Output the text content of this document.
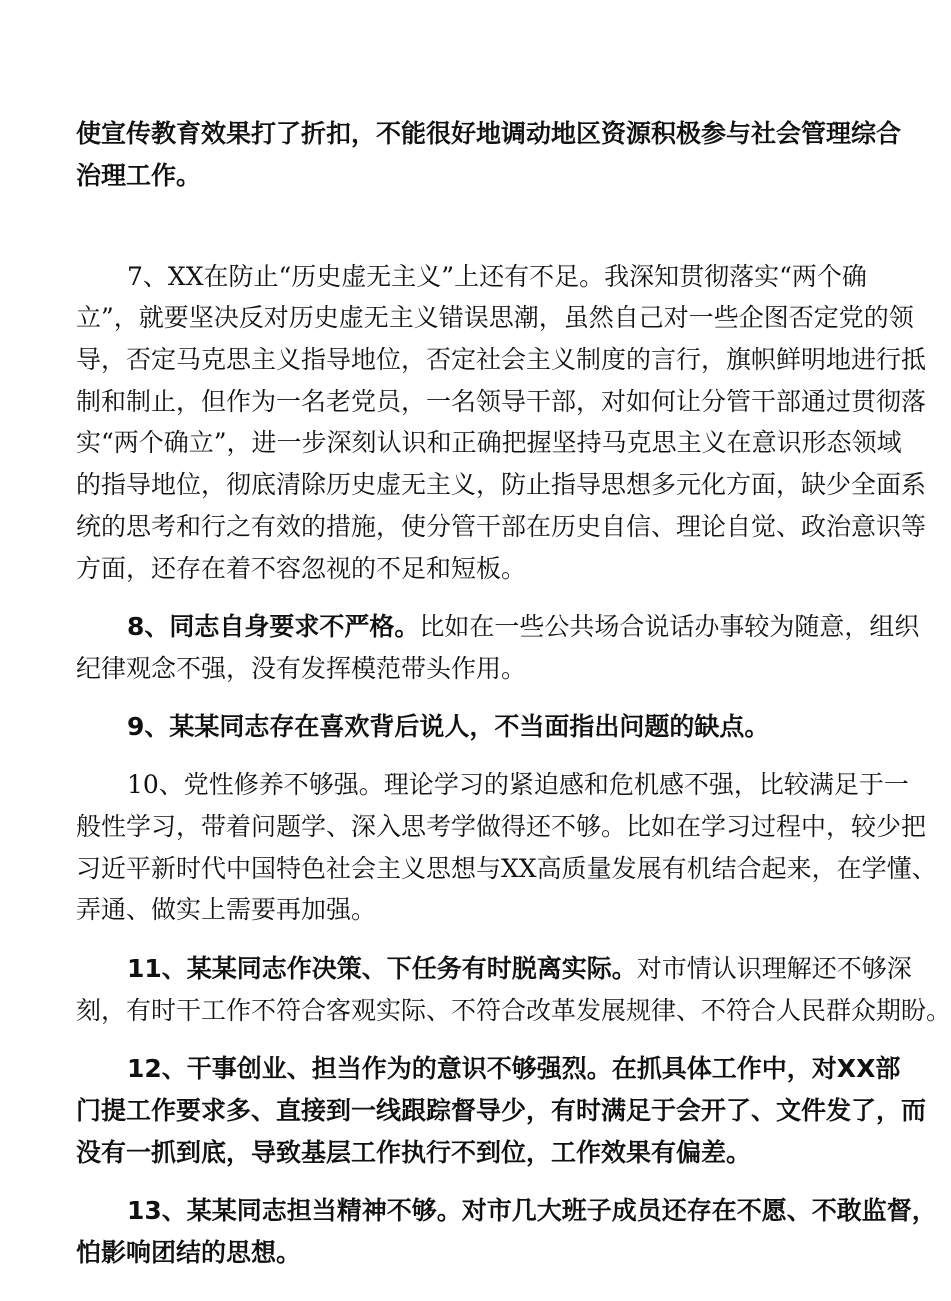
使宣传教育效果打了折扣，不能很好地调动地区资源积极参与社会管理综合
治理工作。
7、XX在防止“历史虚无主义”上还有不足。我深知贯彻落实“两个确
立”，就要坚决反对历史虚无主义错误思潮，虽然自己对一些企图否定党的领
导，否定马克思主义指导地位，否定社会主义制度的言行，旗帜鲜明地进行抵
制和制止，但作为一名老党员，一名领导干部，对如何让分管干部通过贯彻落
实“两个确立”，进一步深刻认识和正确把握坚持马克思主义在意识形态领域
的指导地位，彻底清除历史虚无主义，防止指导思想多元化方面，缺少全面系
统的思考和行之有效的措施，使分管干部在历史自信、理论自觉、政治意识等
方面，还存在着不容忽视的不足和短板。
8、同志自身要求不严格。比如在一些公共场合说话办事较为随意，组织
纪律观念不强，没有发挥模范带头作用。
9、某某同志存在喜欢背后说人，不当面指出问题的缺点。
10、党性修养不够强。理论学习的紧迫感和危机感不强，比较满足于一
般性学习，带着问题学、深入思考学做得还不够。比如在学习过程中，较少把
习近平新时代中国特色社会主义思想与XX高质量发展有机结合起来，在学懂、
弄通、做实上需要再加强。
11、某某同志作决策、下任务有时脱离实际。对市情认识理解还不够深
刻，有时干工作不符合客观实际、不符合改革发展规律、不符合人民群众期盼。
12、干事创业、担当作为的意识不够强烈。在抓具体工作中，对XX部
门提工作要求多、直接到一线跟踪督导少，有时满足于会开了、文件发了，而
没有一抓到底，导致基层工作执行不到位，工作效果有偏差。
13、某某同志担当精神不够。对市几大班子成员还存在不愿、不敢监督，
怕影响团结的思想。
